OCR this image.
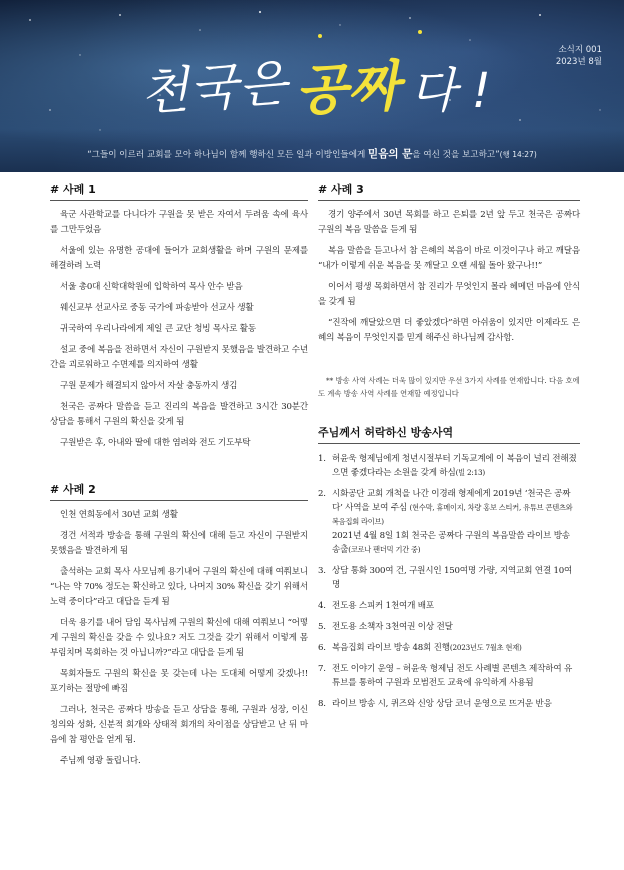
소식지 001
2023년 8월
천국은 공짜 다 !
“그들이 이르러 교회를 모아 하나님이 함께 행하신 모든 일과 이방인들에게 믿음의 문을 여신 것을 보고하고”(행 14:27)
# 사례 1

육군 사관학교를 다니다가 구원을 못 받은 자여서 두려움 속에 육사를 그만두었음

서울에 있는 유명한 공대에 들어가 교회생활을 하며 구원의 문제를 해결하려 노력

서울 총0대 신학대학원에 입학하여 목사 안수 받음

웨신교부 선교사로 중동 국가에 파송받아 선교사 생활

귀국하여 우리나라에게 제일 큰 교단 청빙 목사로 활동

설교 중에 복음을 전하면서 자신이 구원받지 못했음을 발견하고 수년간을 괴로워하고 수면제를 의지하여 생활

구원 문제가 해결되지 않아서 자살 충동까지 생김

천국은 공짜다 말씀을 듣고 진리의 복음을 발견하고 3시간 30분간 상담을 통해서 구원의 확신을 갖게 됨

구원받은 후, 아내와 딸에 대한 염려와 전도 기도부탁

# 사례 2

인천 연희동에서 30년 교회 생활

경건 서적과 방송을 통해 구원의 확신에 대해 듣고 자신이 구원받지 못했음을 발견하게 됨

출석하는 교회 목사 사모님께 용기내어 구원의 확신에 대해 여쭤보니 “나는 약 70% 정도는 확신하고 있다, 나머지 30% 확신을 갖기 위해서 노력 중이다”라고 대답을 듣게 됨

더욱 용기를 내어 담임 목사님께 구원의 확신에 대해 여쭤보니 “어떻게 구원의 확신을 갖을 수 있나요? 저도 그것을 갖기 위해서 이렇게 몸부림치며 목회하는 것 아닙니까?”라고 대답을 듣게 됨

목회자들도 구원의 확신을 못 갖는데 나는 도대체 어떻게 갖겠나!! 포기하는 절망에 빠짐

그러나, 천국은 공짜다 방송을 듣고 상담을 통해, 구원과 성장, 이신칭의와 성화, 신분적 회개와 상태적 회개의 차이점을 상담받고 난 뒤 마음에 참 평안을 얻게 됨.

주님께 영광 돌립니다.

# 사례 3

경기 양주에서 30년 목회를 하고 은퇴를 2년 앞 두고 천국은 공짜다 구원의 복음 말씀을 듣게 됨

복음 말씀을 듣고나서 참 은혜의 복음이 바로 이것이구나 하고 깨달음 “내가 이렇게 쉬운 복음을 못 깨달고 오랜 세월 돌아 왔구나!!”

이어서 평생 목회하면서 참 진리가 무엇인지 몰라 헤메던 마음에 안식을 갖게 됨

“진작에 깨달았으면 더 좋았겠다”하면 아쉬움이 있지만 이제라도 은혜의 복음이 무엇인지를 믿게 해주신 하나님께 감사함.

** 방송 사역 사례는 더욱 많이 있지만 우선 3가지 사례를 연재합니다. 다음 호에도 계속 방송 사역 사례를 연재할 예정입니다

주님께서 허락하신 방송사역
1. 허윤욱 형제님에게 청년시절부터 기독교계에 이 복음이 널리 전해졌으면 좋겠다라는 소원을 갖게 하심(빌 2:13)
2. 시화공단 교회 개척을 나간 이경래 형제에게 2019년 ‘천국은 공짜다’ 사역을 보여 주심 (현수막, 휴메이지, 차량 홍보 스티커, 유튜브 콘텐츠와 복음집회 라이브)
2021년 4월 8일 1회 천국은 공짜다 구원의 복음말씀 라이브 방송 송출(코로나 팬더믹 기간 중)
3. 상담 통화 300여 건, 구원시인 150여명 가량, 지역교회 연결 10여명
4. 전도용 스피커 1천여개 배포
5. 전도용 소책자 3천여권 이상 전달
6. 복음집회 라이브 방송 48회 진행(2023년도 7월초 현재)
7. 전도 이야기 운영 – 허윤욱 형제님 전도 사례별 콘텐츠 제작하여 유튜브를 통하여 구원과 모범전도 교육에 유익하게 사용됨
8. 라이브 방송 시, 퀴즈와 신앙 상담 코너 운영으로 뜨거운 반응
